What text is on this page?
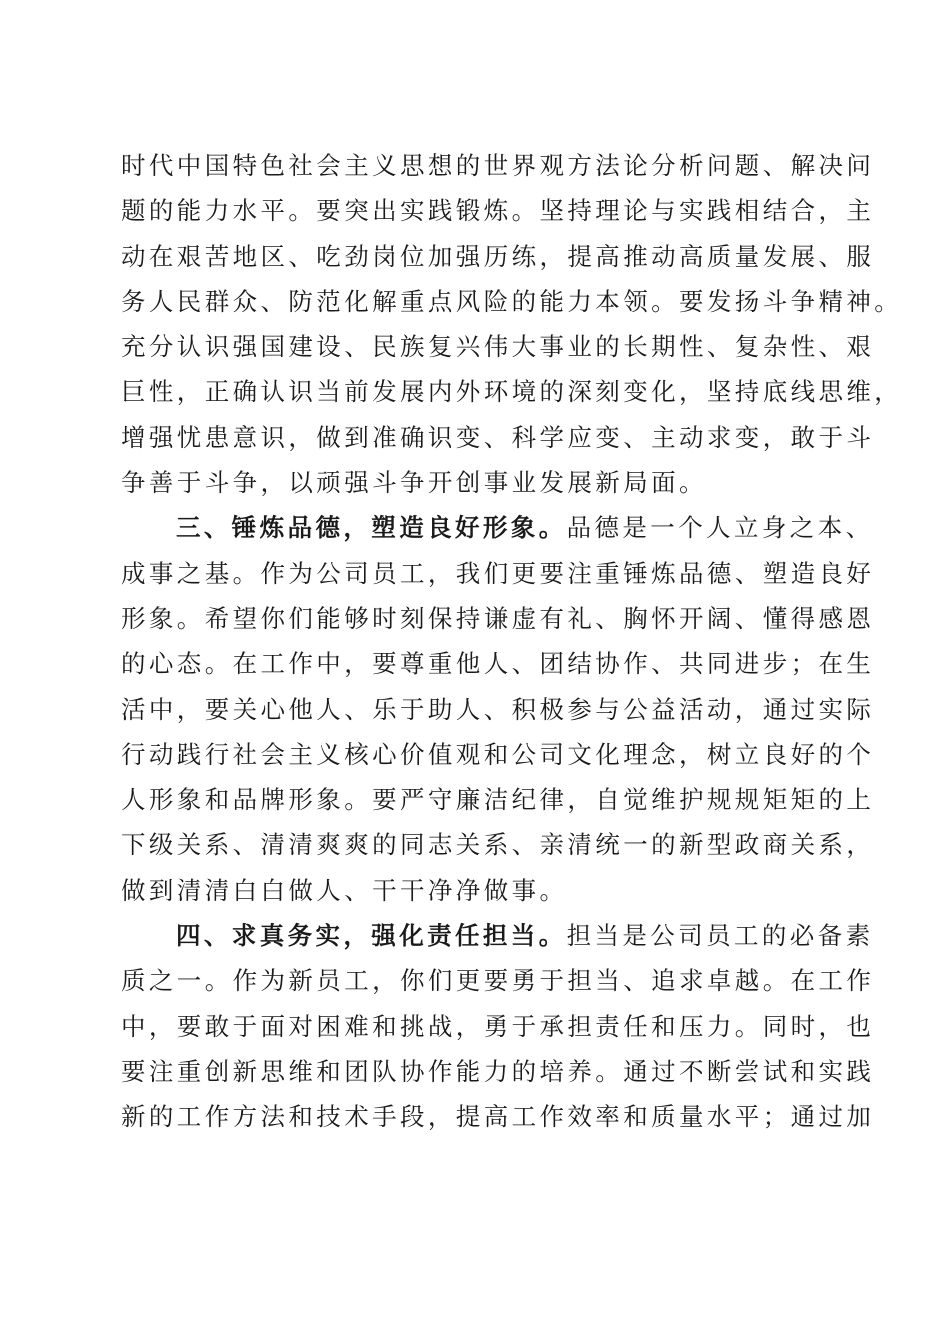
时代中国特色社会主义思想的世界观方法论分析问题、解决问
题的能力水平。要突出实践锻炼。坚持理论与实践相结合，主
动在艰苦地区、吃劲岗位加强历练，提高推动高质量发展、服
务人民群众、防范化解重点风险的能力本领。要发扬斗争精神。
充分认识强国建设、民族复兴伟大事业的长期性、复杂性、艰
巨性，正确认识当前发展内外环境的深刻变化，坚持底线思维，
增强忧患意识，做到准确识变、科学应变、主动求变，敢于斗
争善于斗争，以顽强斗争开创事业发展新局面。
三、锤炼品德，塑造良好形象。品德是一个人立身之本、
成事之基。作为公司员工，我们更要注重锤炼品德、塑造良好
形象。希望你们能够时刻保持谦虚有礼、胸怀开阔、懂得感恩
的心态。在工作中，要尊重他人、团结协作、共同进步；在生
活中，要关心他人、乐于助人、积极参与公益活动，通过实际
行动践行社会主义核心价值观和公司文化理念，树立良好的个
人形象和品牌形象。要严守廉洁纪律，自觉维护规规矩矩的上
下级关系、清清爽爽的同志关系、亲清统一的新型政商关系，
做到清清白白做人、干干净净做事。
四、求真务实，强化责任担当。担当是公司员工的必备素
质之一。作为新员工，你们更要勇于担当、追求卓越。在工作
中，要敢于面对困难和挑战，勇于承担责任和压力。同时，也
要注重创新思维和团队协作能力的培养。通过不断尝试和实践
新的工作方法和技术手段，提高工作效率和质量水平；通过加
